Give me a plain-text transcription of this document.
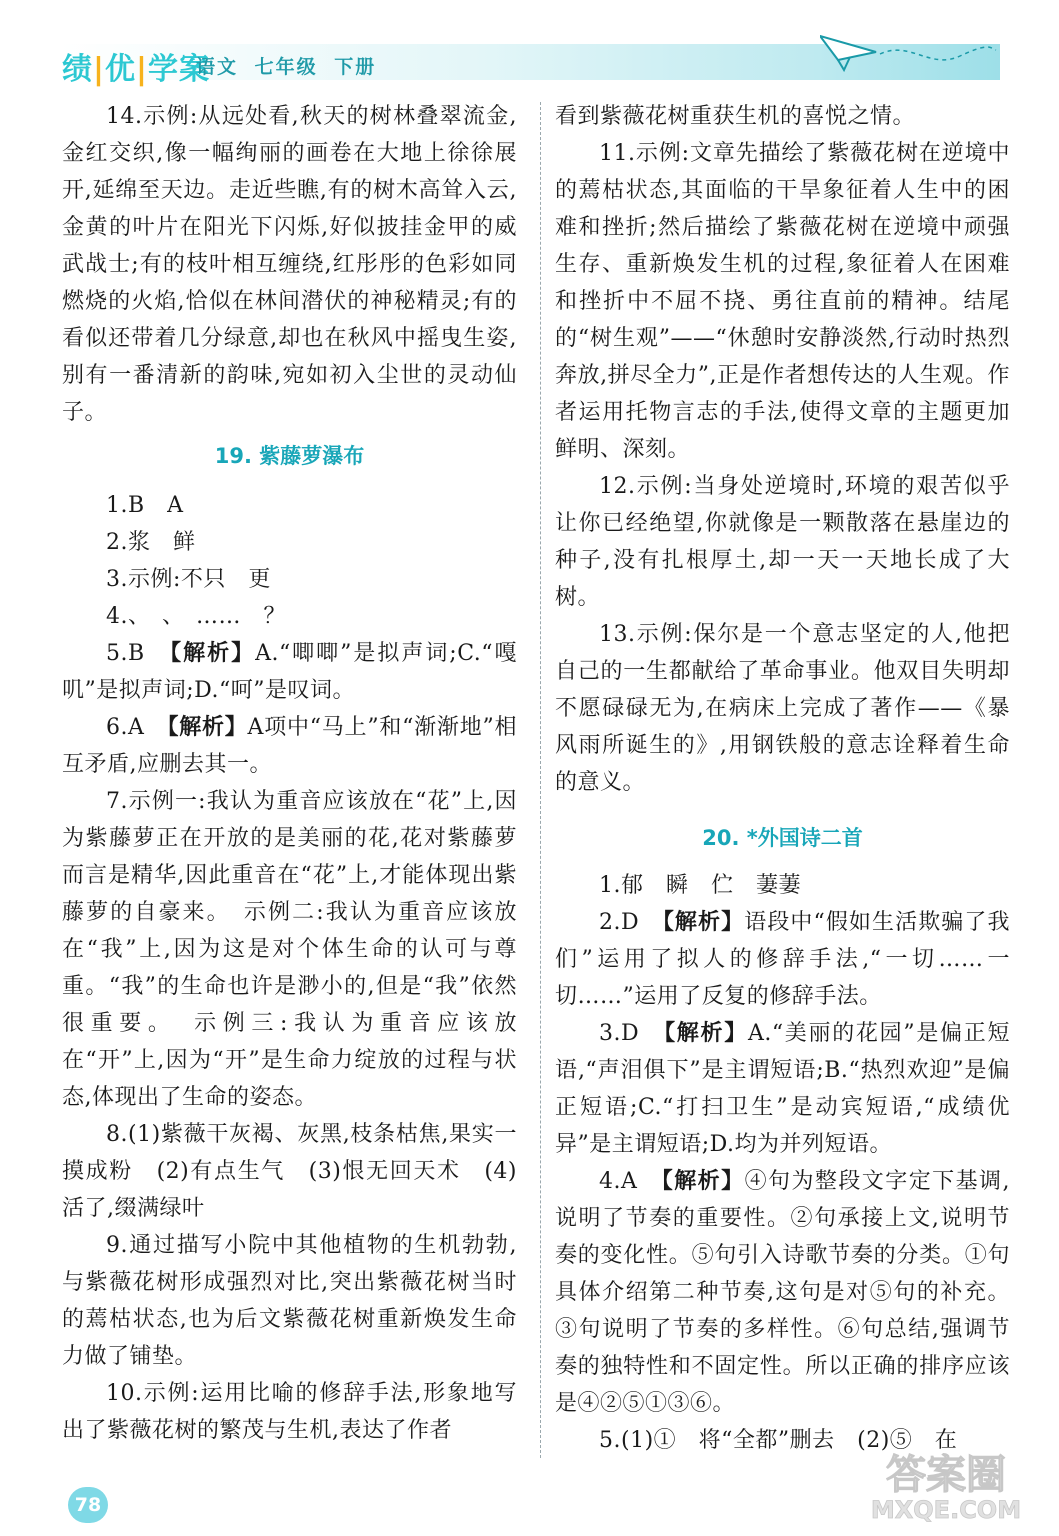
绩|优|学案
语文 七年级 下册

14.示例:从远处看,秋天的树林叠翠流金,金红交织,像一幅绚丽的画卷在大地上徐徐展开,延绵至天边。走近些瞧,有的树木高耸入云,金黄的叶片在阳光下闪烁,好似披挂金甲的威武战士;有的枝叶相互缠绕,红彤彤的色彩如同燃烧的火焰,恰似在林间潜伏的神秘精灵;有的看似还带着几分绿意,却也在秋风中摇曳生姿,别有一番清新的韵味,宛如初入尘世的灵动仙子。

19. 紫藤萝瀑布

1.B　A

2.浆　鲜

3.示例:不只　更

4.、　、　……　？

5.B　【解析】A.“唧唧”是拟声词;C.“嘎叽”是拟声词;D.“呵”是叹词。

6.A　【解析】A项中“马上”和“渐渐地”相互矛盾,应删去其一。

7.示例一:我认为重音应该放在“花”上,因为紫藤萝正在开放的是美丽的花,花对紫藤萝而言是精华,因此重音在“花”上,才能体现出紫藤萝的自豪来。　示例二:我认为重音应该放在“我”上,因为这是对个体生命的认可与尊重。“我”的生命也许是渺小的,但是“我”依然很重要。　示例三:我认为重音应该放在“开”上,因为“开”是生命力绽放的过程与状态,体现出了生命的姿态。

8.(1)紫薇干灰褐、灰黑,枝条枯焦,果实一摸成粉　(2)有点生气　(3)恨无回天术　(4)活了,缀满绿叶

9.通过描写小院中其他植物的生机勃勃,与紫薇花树形成强烈对比,突出紫薇花树当时的蔫枯状态,也为后文紫薇花树重新焕发生命力做了铺垫。

10.示例:运用比喻的修辞手法,形象地写出了紫薇花树的繁茂与生机,表达了作者

看到紫薇花树重获生机的喜悦之情。

11.示例:文章先描绘了紫薇花树在逆境中的蔫枯状态,其面临的干旱象征着人生中的困难和挫折;然后描绘了紫薇花树在逆境中顽强生存、重新焕发生机的过程,象征着人在困难和挫折中不屈不挠、勇往直前的精神。结尾的“树生观”——“休憩时安静淡然,行动时热烈奔放,拼尽全力”,正是作者想传达的人生观。作者运用托物言志的手法,使得文章的主题更加鲜明、深刻。

12.示例:当身处逆境时,环境的艰苦似乎让你已经绝望,你就像是一颗散落在悬崖边的种子,没有扎根厚土,却一天一天地长成了大树。

13.示例:保尔是一个意志坚定的人,他把自己的一生都献给了革命事业。他双目失明却不愿碌碌无为,在病床上完成了著作——《暴风雨所诞生的》,用钢铁般的意志诠释着生命的意义。

20. *外国诗二首

1.郁　瞬　伫　萋萋

2.D　【解析】语段中“假如生活欺骗了我们”运用了拟人的修辞手法,“一切……一切……”运用了反复的修辞手法。

3.D　【解析】A.“美丽的花园”是偏正短语,“声泪俱下”是主谓短语;B.“热烈欢迎”是偏正短语;C.“打扫卫生”是动宾短语,“成绩优异”是主谓短语;D.均为并列短语。

4.A　【解析】④句为整段文字定下基调,说明了节奏的重要性。②句承接上文,说明节奏的变化性。⑤句引入诗歌节奏的分类。①句具体介绍第二种节奏,这句是对⑤句的补充。③句说明了节奏的多样性。⑥句总结,强调节奏的独特性和不固定性。所以正确的排序应该是④②⑤①③⑥。

5.(1)①　将“全都”删去　(2)⑤　在

78
答案圈
MXQE.COM
